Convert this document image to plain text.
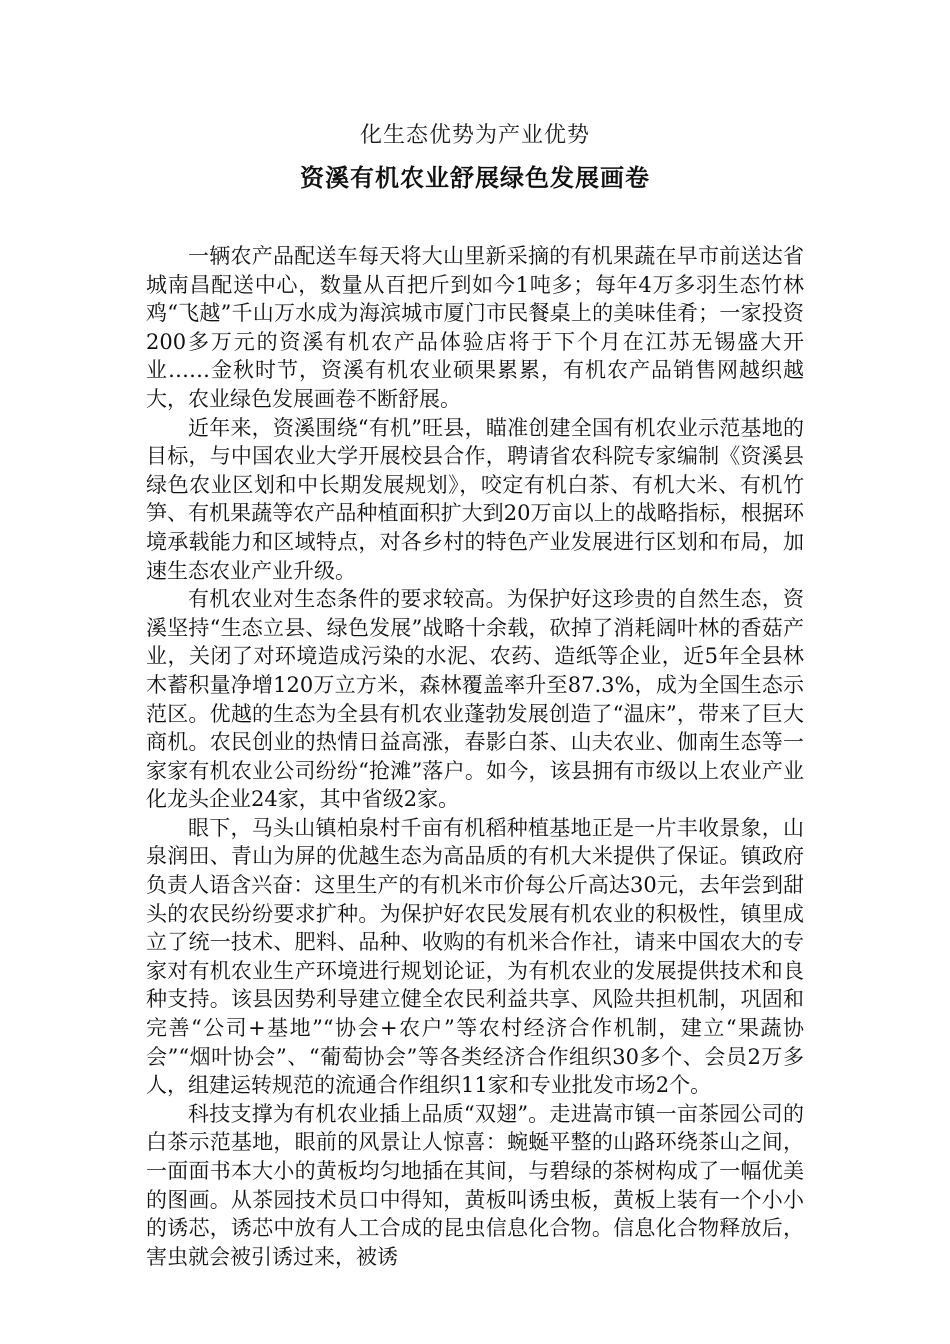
化生态优势为产业优势
资溪有机农业舒展绿色发展画卷

一辆农产品配送车每天将大山里新采摘的有机果蔬在早市前送达省城南昌配送中心，数量从百把斤到如今1吨多；每年4万多羽生态竹林鸡“飞越”千山万水成为海滨城市厦门市民餐桌上的美味佳肴；一家投资200多万元的资溪有机农产品体验店将于下个月在江苏无锡盛大开业……金秋时节，资溪有机农业硕果累累，有机农产品销售网越织越大，农业绿色发展画卷不断舒展。

近年来，资溪围绕“有机”旺县，瞄准创建全国有机农业示范基地的目标，与中国农业大学开展校县合作，聘请省农科院专家编制《资溪县绿色农业区划和中长期发展规划》，咬定有机白茶、有机大米、有机竹笋、有机果蔬等农产品种植面积扩大到20万亩以上的战略指标，根据环境承载能力和区域特点，对各乡村的特色产业发展进行区划和布局，加速生态农业产业升级。

有机农业对生态条件的要求较高。为保护好这珍贵的自然生态，资溪坚持“生态立县、绿色发展”战略十余载，砍掉了消耗阔叶林的香菇产业，关闭了对环境造成污染的水泥、农药、造纸等企业，近5年全县林木蓄积量净增120万立方米，森林覆盖率升至87.3%，成为全国生态示范区。优越的生态为全县有机农业蓬勃发展创造了“温床”，带来了巨大商机。农民创业的热情日益高涨，春影白茶、山夫农业、伽南生态等一家家有机农业公司纷纷“抢滩”落户。如今，该县拥有市级以上农业产业化龙头企业24家，其中省级2家。

眼下，马头山镇柏泉村千亩有机稻种植基地正是一片丰收景象，山泉润田、青山为屏的优越生态为高品质的有机大米提供了保证。镇政府负责人语含兴奋：这里生产的有机米市价每公斤高达30元，去年尝到甜头的农民纷纷要求扩种。为保护好农民发展有机农业的积极性，镇里成立了统一技术、肥料、品种、收购的有机米合作社，请来中国农大的专家对有机农业生产环境进行规划论证，为有机农业的发展提供技术和良种支持。该县因势利导建立健全农民利益共享、风险共担机制，巩固和完善“公司+基地”“协会+农户”等农村经济合作机制，建立“果蔬协会”“烟叶协会”、“葡萄协会”等各类经济合作组织30多个、会员2万多人，组建运转规范的流通合作组织11家和专业批发市场2个。

科技支撑为有机农业插上品质“双翅”。走进嵩市镇一亩茶园公司的白茶示范基地，眼前的风景让人惊喜：蜿蜒平整的山路环绕茶山之间，一面面书本大小的黄板均匀地插在其间，与碧绿的茶树构成了一幅优美的图画。从茶园技术员口中得知，黄板叫诱虫板，黄板上装有一个小小的诱芯，诱芯中放有人工合成的昆虫信息化合物。信息化合物释放后，害虫就会被引诱过来，被诱
